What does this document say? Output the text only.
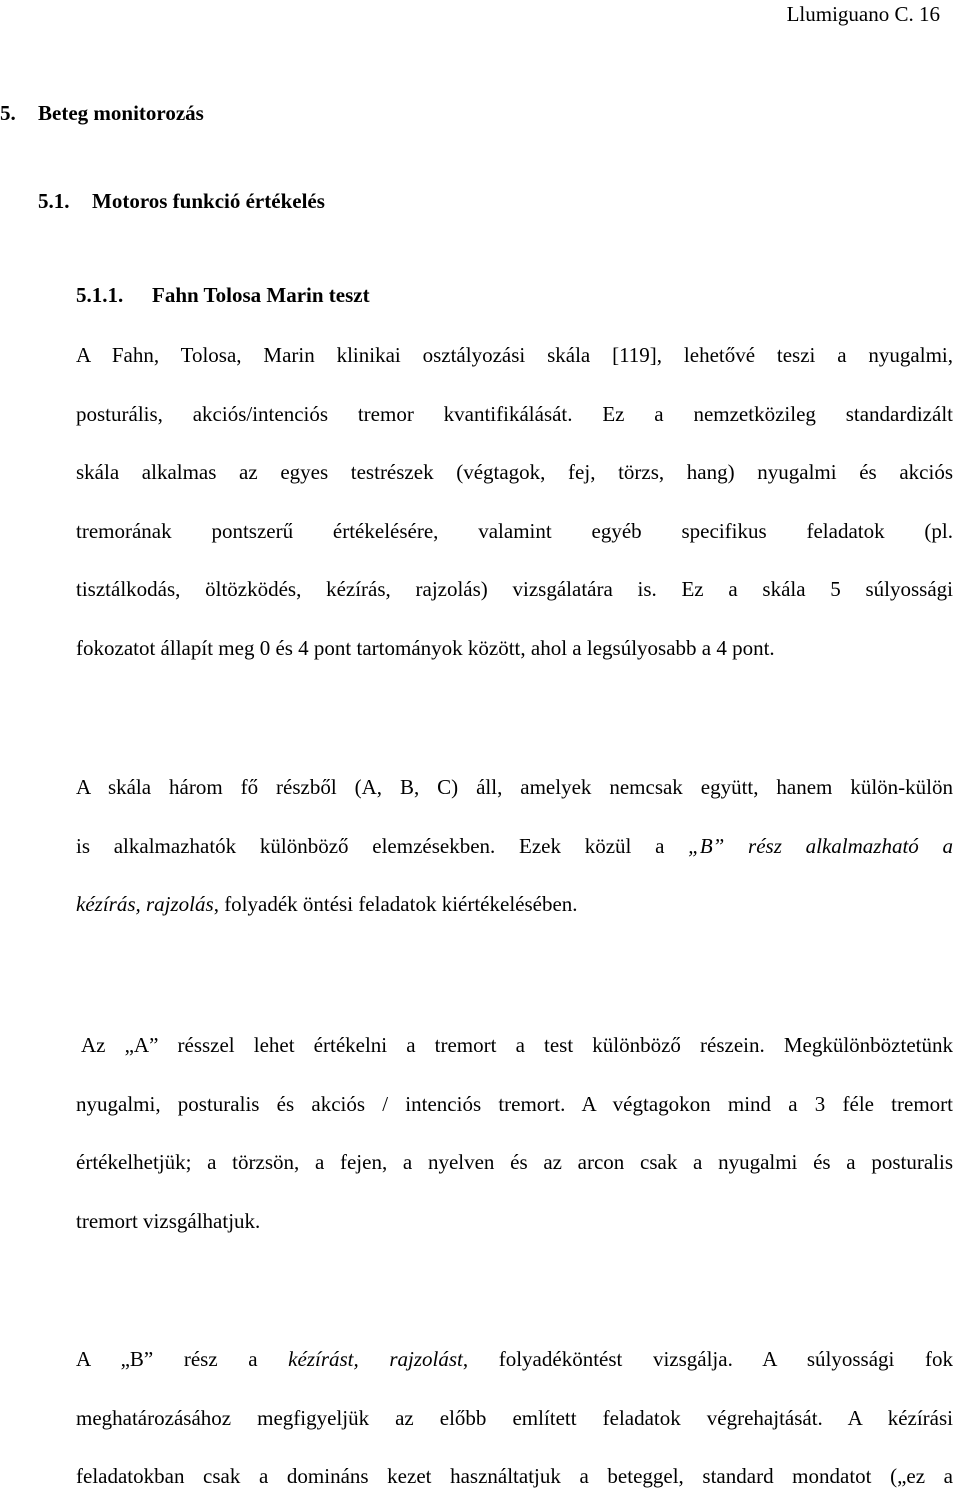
Llumiguano C. 16
5. Beteg monitorozás
5.1. Motoros funkció értékelés
5.1.1. Fahn Tolosa Marin teszt
A Fahn, Tolosa, Marin klinikai osztályozási skála [119], lehetővé teszi a nyugalmi,
posturális, akciós/intenciós tremor kvantifikálását. Ez a nemzetközileg standardizált
skála alkalmas az egyes testrészek (végtagok, fej, törzs, hang) nyugalmi és akciós
tremorának pontszerű értékelésére, valamint egyéb specifikus feladatok (pl.
tisztálkodás, öltözködés, kézírás, rajzolás) vizsgálatára is. Ez a skála 5 súlyossági
fokozatot állapít meg 0 és 4 pont tartományok között, ahol a legsúlyosabb a 4 pont.
A skála három fő részből (A, B, C) áll, amelyek nemcsak együtt, hanem külön-külön
is alkalmazhatók különböző elemzésekben. Ezek közül a „B” rész alkalmazható a
kézírás, rajzolás, folyadék öntési feladatok kiértékelésében.
Az „A” résszel lehet értékelni a tremort a test különböző részein. Megkülönböztetünk
nyugalmi, posturalis és akciós / intenciós tremort. A végtagokon mind a 3 féle tremort
értékelhetjük; a törzsön, a fejen, a nyelven és az arcon csak a nyugalmi és a posturalis
tremort vizsgálhatjuk.
A „B” rész a kézírást, rajzolást, folyadéköntést vizsgálja. A súlyossági fok
meghatározásához megfigyeljük az előbb említett feladatok végrehajtását. A kézírási
feladatokban csak a domináns kezet használtatjuk a beteggel, standard mondatot („ez a
